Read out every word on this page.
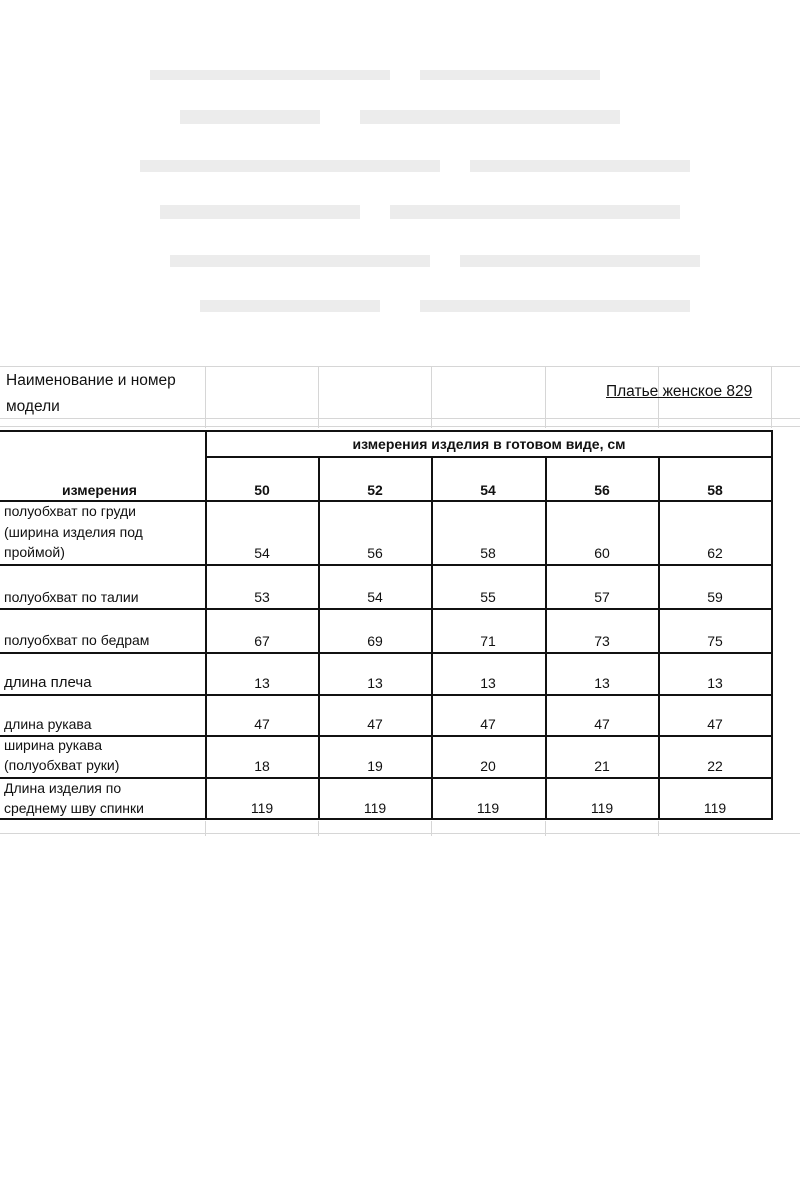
Наименование и номер
модели
Платье женское 829
измерения изделия в готовом виде, см
измерения	50	52	54	56	58
полуобхват по груди
(ширина изделия под
проймой)	54	56	58	60	62
полуобхват по талии	53	54	55	57	59
полуобхват по бедрам	67	69	71	73	75
длина плеча	13	13	13	13	13
длина рукава	47	47	47	47	47
ширина рукава
(полуобхват руки)	18	19	20	21	22
Длина изделия по
среднему шву спинки	119	119	119	119	119
